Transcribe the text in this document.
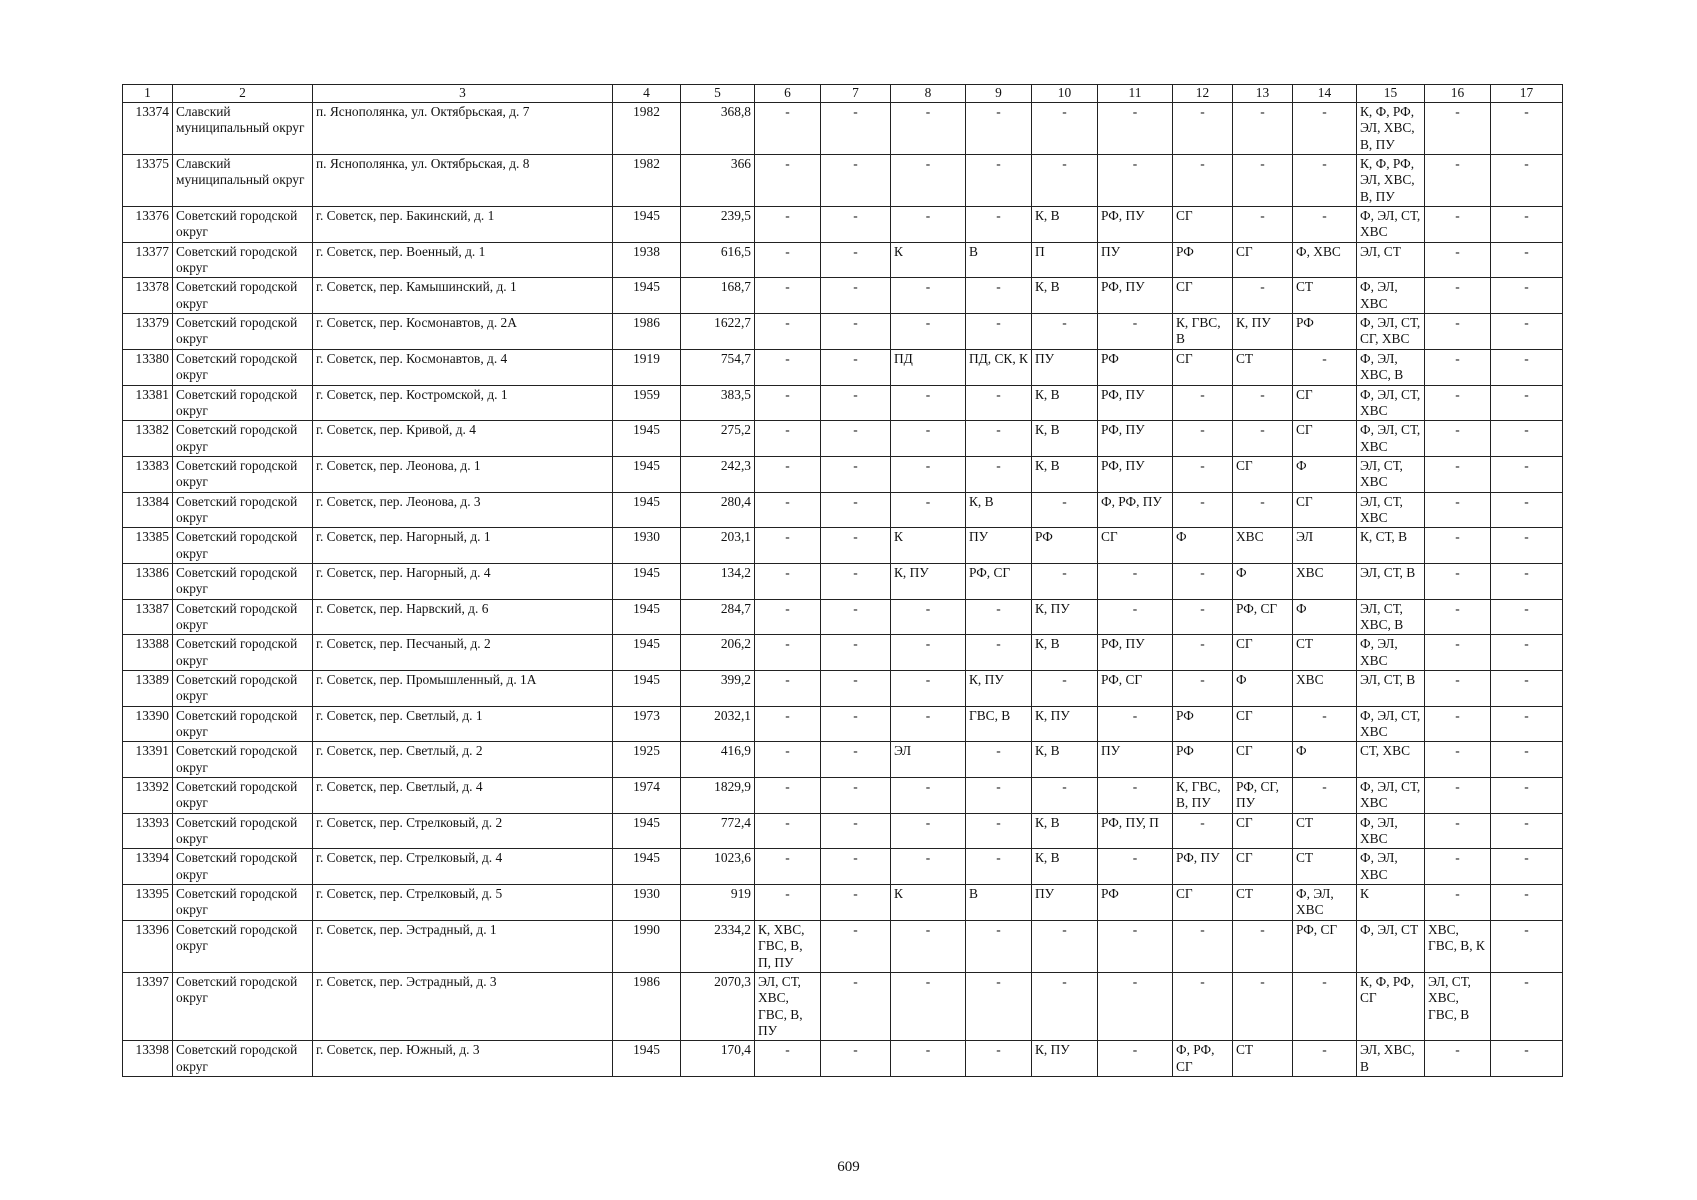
1	2	3	4	5	6	7	8	9	10	11	12	13	14	15	16	17
13374	Славский муниципальный округ	п. Яснополянка, ул. Октябрьская, д. 7	1982	368,8	-	-	-	-	-	-	-	-	-	К, Ф, РФ, ЭЛ, ХВС, В, ПУ	-	-
13375	Славский муниципальный округ	п. Яснополянка, ул. Октябрьская, д. 8	1982	366	-	-	-	-	-	-	-	-	-	К, Ф, РФ, ЭЛ, ХВС, В, ПУ	-	-
13376	Советский городской округ	г. Советск, пер. Бакинский, д. 1	1945	239,5	-	-	-	-	К, В	РФ, ПУ	СГ	-	-	Ф, ЭЛ, СТ, ХВС	-	-
13377	Советский городской округ	г. Советск, пер. Военный, д. 1	1938	616,5	-	-	К	В	П	ПУ	РФ	СГ	Ф, ХВС	ЭЛ, СТ	-	-
13378	Советский городской округ	г. Советск, пер. Камышинский, д. 1	1945	168,7	-	-	-	-	К, В	РФ, ПУ	СГ	-	СТ	Ф, ЭЛ, ХВС	-	-
13379	Советский городской округ	г. Советск, пер. Космонавтов, д. 2А	1986	1622,7	-	-	-	-	-	-	К, ГВС, В	К, ПУ	РФ	Ф, ЭЛ, СТ, СГ, ХВС	-	-
13380	Советский городской округ	г. Советск, пер. Космонавтов, д. 4	1919	754,7	-	-	ПД	ПД, СК, К	ПУ	РФ	СГ	СТ	-	Ф, ЭЛ, ХВС, В	-	-
13381	Советский городской округ	г. Советск, пер. Костромской, д. 1	1959	383,5	-	-	-	-	К, В	РФ, ПУ	-	-	СГ	Ф, ЭЛ, СТ, ХВС	-	-
13382	Советский городской округ	г. Советск, пер. Кривой, д. 4	1945	275,2	-	-	-	-	К, В	РФ, ПУ	-	-	СГ	Ф, ЭЛ, СТ, ХВС	-	-
13383	Советский городской округ	г. Советск, пер. Леонова, д. 1	1945	242,3	-	-	-	-	К, В	РФ, ПУ	-	СГ	Ф	ЭЛ, СТ, ХВС	-	-
13384	Советский городской округ	г. Советск, пер. Леонова, д. 3	1945	280,4	-	-	-	К, В	-	Ф, РФ, ПУ	-	-	СГ	ЭЛ, СТ, ХВС	-	-
13385	Советский городской округ	г. Советск, пер. Нагорный, д. 1	1930	203,1	-	-	К	ПУ	РФ	СГ	Ф	ХВС	ЭЛ	К, СТ, В	-	-
13386	Советский городской округ	г. Советск, пер. Нагорный, д. 4	1945	134,2	-	-	К, ПУ	РФ, СГ	-	-	-	Ф	ХВС	ЭЛ, СТ, В	-	-
13387	Советский городской округ	г. Советск, пер. Нарвский, д. 6	1945	284,7	-	-	-	-	К, ПУ	-	-	РФ, СГ	Ф	ЭЛ, СТ, ХВС, В	-	-
13388	Советский городской округ	г. Советск, пер. Песчаный, д. 2	1945	206,2	-	-	-	-	К, В	РФ, ПУ	-	СГ	СТ	Ф, ЭЛ, ХВС	-	-
13389	Советский городской округ	г. Советск, пер. Промышленный, д. 1А	1945	399,2	-	-	-	К, ПУ	-	РФ, СГ	-	Ф	ХВС	ЭЛ, СТ, В	-	-
13390	Советский городской округ	г. Советск, пер. Светлый, д. 1	1973	2032,1	-	-	-	ГВС, В	К, ПУ	-	РФ	СГ	-	Ф, ЭЛ, СТ, ХВС	-	-
13391	Советский городской округ	г. Советск, пер. Светлый, д. 2	1925	416,9	-	-	ЭЛ	-	К, В	ПУ	РФ	СГ	Ф	СТ, ХВС	-	-
13392	Советский городской округ	г. Советск, пер. Светлый, д. 4	1974	1829,9	-	-	-	-	-	-	К, ГВС, В, ПУ	РФ, СГ, ПУ	-	Ф, ЭЛ, СТ, ХВС	-	-
13393	Советский городской округ	г. Советск, пер. Стрелковый, д. 2	1945	772,4	-	-	-	-	К, В	РФ, ПУ, П	-	СГ	СТ	Ф, ЭЛ, ХВС	-	-
13394	Советский городской округ	г. Советск, пер. Стрелковый, д. 4	1945	1023,6	-	-	-	-	К, В	-	РФ, ПУ	СГ	СТ	Ф, ЭЛ, ХВС	-	-
13395	Советский городской округ	г. Советск, пер. Стрелковый, д. 5	1930	919	-	-	К	В	ПУ	РФ	СГ	СТ	Ф, ЭЛ, ХВС	К	-	-
13396	Советский городской округ	г. Советск, пер. Эстрадный, д. 1	1990	2334,2	К, ХВС, ГВС, В, П, ПУ	-	-	-	-	-	-	-	РФ, СГ	Ф, ЭЛ, СТ	ХВС, ГВС, В, К	-
13397	Советский городской округ	г. Советск, пер. Эстрадный, д. 3	1986	2070,3	ЭЛ, СТ, ХВС, ГВС, В, ПУ	-	-	-	-	-	-	-	-	К, Ф, РФ, СГ	ЭЛ, СТ, ХВС, ГВС, В	-
13398	Советский городской округ	г. Советск, пер. Южный, д. 3	1945	170,4	-	-	-	-	К, ПУ	-	Ф, РФ, СГ	СТ	-	ЭЛ, ХВС, В	-	-
609
